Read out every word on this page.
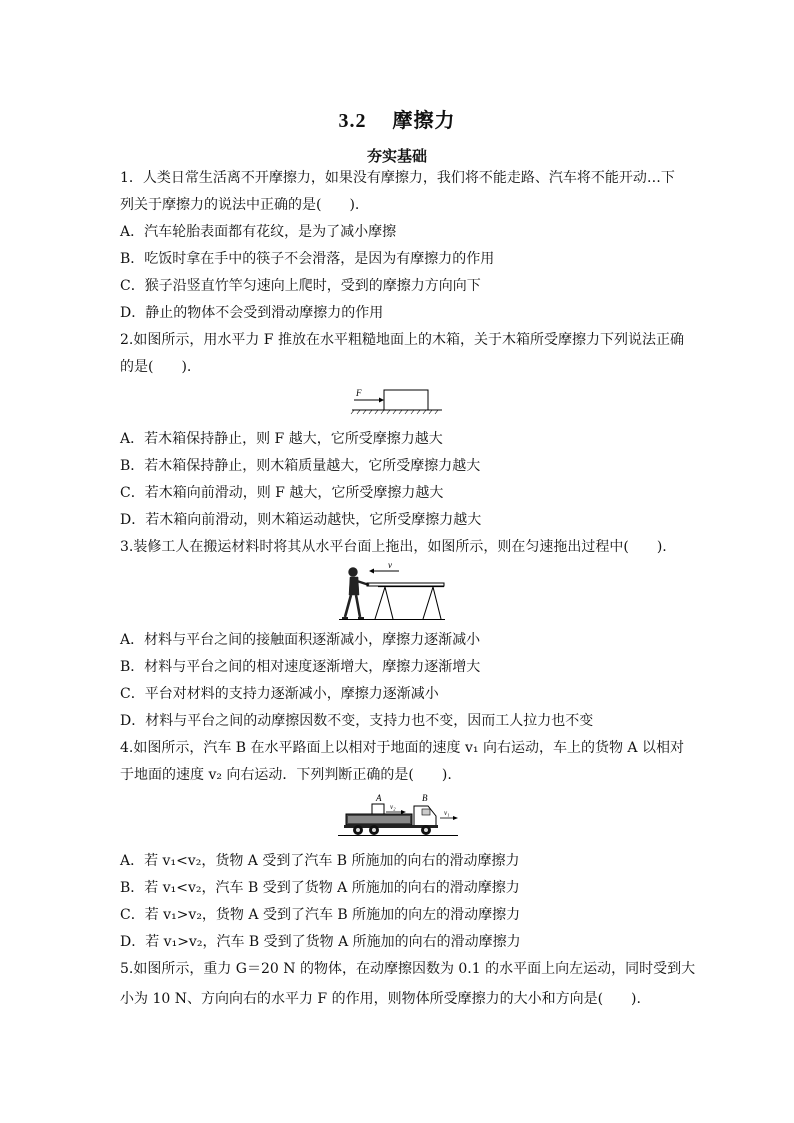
3.2 摩擦力
夯实基础
1．人类日常生活离不开摩擦力，如果没有摩擦力，我们将不能走路、汽车将不能开动…下
列关于摩擦力的说法中正确的是(　　).
A．汽车轮胎表面都有花纹，是为了减小摩擦
B．吃饭时拿在手中的筷子不会滑落，是因为有摩擦力的作用
C．猴子沿竖直竹竿匀速向上爬时，受到的摩擦力方向向下
D．静止的物体不会受到滑动摩擦力的作用
2.如图所示，用水平力 F 推放在水平粗糙地面上的木箱，关于木箱所受摩擦力下列说法正确
的是(　　).
F
A．若木箱保持静止，则 F 越大，它所受摩擦力越大
B．若木箱保持静止，则木箱质量越大，它所受摩擦力越大
C．若木箱向前滑动，则 F 越大，它所受摩擦力越大
D．若木箱向前滑动，则木箱运动越快，它所受摩擦力越大
3.装修工人在搬运材料时将其从水平台面上拖出，如图所示，则在匀速拖出过程中(　　).
v
A．材料与平台之间的接触面积逐渐减小，摩擦力逐渐减小
B．材料与平台之间的相对速度逐渐增大，摩擦力逐渐增大
C．平台对材料的支持力逐渐减小，摩擦力逐渐减小
D．材料与平台之间的动摩擦因数不变，支持力也不变，因而工人拉力也不变
4.如图所示，汽车 B 在水平路面上以相对于地面的速度 v₁ 向右运动，车上的货物 A 以相对
于地面的速度 v₂ 向右运动．下列判断正确的是(　　).
A	B
v₂
v₁
A．若 v₁<v₂，货物 A 受到了汽车 B 所施加的向右的滑动摩擦力
B．若 v₁<v₂，汽车 B 受到了货物 A 所施加的向右的滑动摩擦力
C．若 v₁>v₂，货物 A 受到了汽车 B 所施加的向左的滑动摩擦力
D．若 v₁>v₂，汽车 B 受到了货物 A 所施加的向右的滑动摩擦力
5.如图所示，重力 G＝20 N 的物体，在动摩擦因数为 0.1 的水平面上向左运动，同时受到大
小为 10 N、方向向右的水平力 F 的作用，则物体所受摩擦力的大小和方向是(　　).
